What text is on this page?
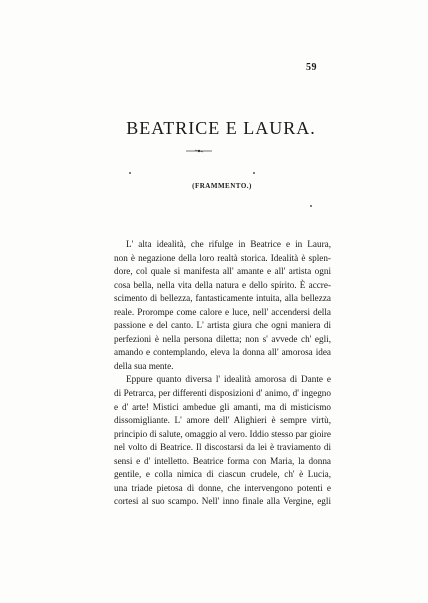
59
BEATRICE E LAURA.
(FRAMMENTO.)
L' alta idealità, che rifulge in Beatrice e in Laura,
non è negazione della loro realtà storica. Idealità è splen-
dore, col quale si manifesta all' amante e all' artista ogni
cosa bella, nella vita della natura e dello spirito. È accre-
scimento di bellezza, fantasticamente intuita, alla bellezza
reale. Prorompe come calore e luce, nell' accendersi della
passione e del canto. L' artista giura che ogni maniera di
perfezioni è nella persona diletta; non s' avvede ch' egli,
amando e contemplando, eleva la donna all' amorosa idea
della sua mente.
Eppure quanto diversa l' idealità amorosa di Dante e
di Petrarca, per differenti disposizioni d' animo, d' ingegno
e d' arte! Mistici ambedue gli amanti, ma di misticismo
dissomigliante. L' amore dell' Alighieri è sempre virtù,
principio di salute, omaggio al vero. Iddio stesso par gioire
nel volto di Beatrice. Il discostarsi da lei è traviamento di
sensi e d' intelletto. Beatrice forma con Maria, la donna
gentile, e colla nimica di ciascun crudele, ch' è Lucia,
una triade pietosa di donne, che intervengono potenti e
cortesi al suo scampo. Nell' inno finale alla Vergine, egli
